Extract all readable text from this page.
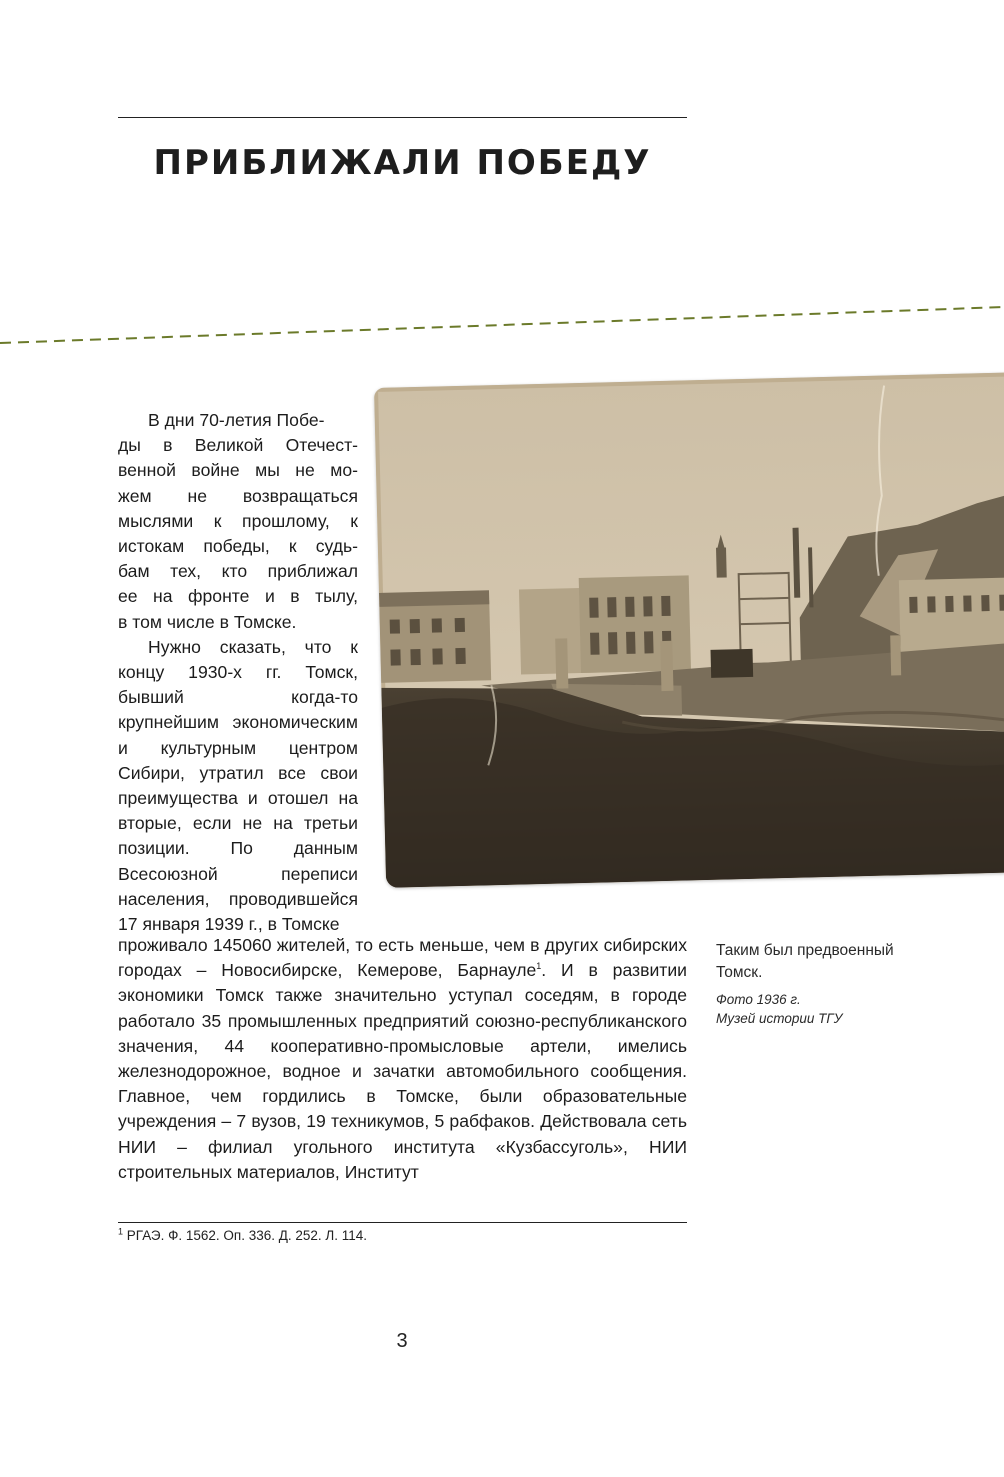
ПРИБЛИЖАЛИ ПОБЕДУ

В дни 70-летия Побе-

ды в Великой Отечест-
венной войне мы не мо-
жем не возвращаться
мыслями к прошлому, к
истокам победы, к судь-
бам тех, кто приближал
ее на фронте и в тылу,
в том числе в Томске.

Нужно сказать, что к концу 1930-х гг. Томск, бывший когда-то крупнейшим экономическим и культурным центром Сибири, утратил все свои преимущества и отошел на вторые, если не на третьи позиции. По данным Всесоюзной переписи населения, проводившейся 17 января 1939 г., в Томске

проживало 145060 жителей, то есть меньше, чем в других сибирских городах – Новосибирске, Кемерове, Барнауле$^1$. И в развитии экономики Томск также значительно уступал соседям, в городе работало 35 промышленных предприятий союзно-республиканского значения, 44 кооперативно-промысловые артели, имелись железнодорожное, водное и зачатки автомобильного сообщения. Главное, чем гордились в Томске, были образовательные учреждения – 7 вузов, 19 техникумов, 5 рабфаков. Действовала сеть НИИ – филиал угольного института «Кузбассуголь», НИИ строительных материалов, Институт

Таким был предвоенный Томск.
Фото 1936 г.
Музей истории ТГУ
$^1$ РГАЭ. Ф. 1562. Оп. 336. Д. 252. Л. 114.
3
